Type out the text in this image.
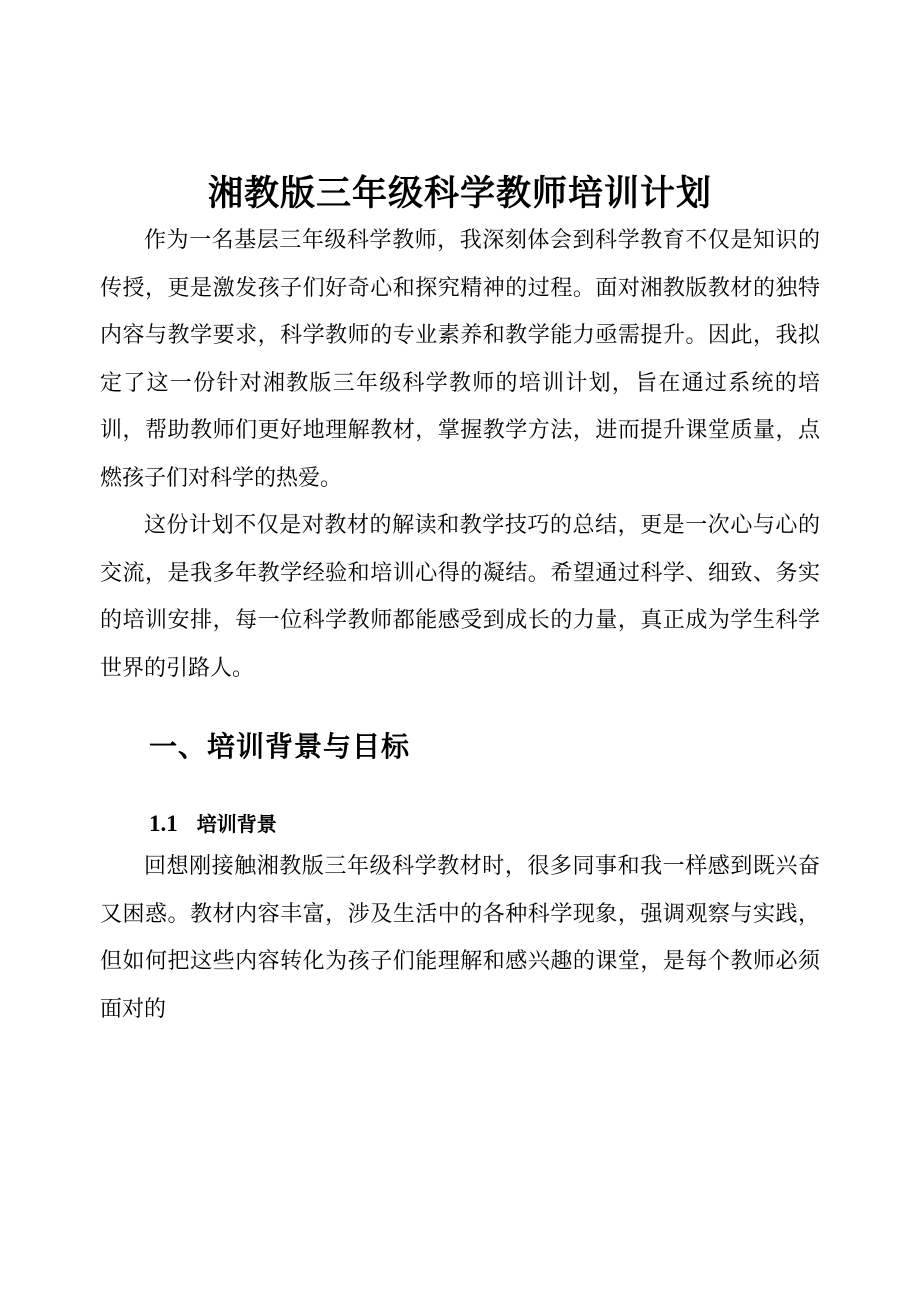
湘教版三年级科学教师培训计划

作为一名基层三年级科学教师，我深刻体会到科学教育不仅是知识的传授，更是激发孩子们好奇心和探究精神的过程。面对湘教版教材的独特内容与教学要求，科学教师的专业素养和教学能力亟需提升。因此，我拟定了这一份针对湘教版三年级科学教师的培训计划，旨在通过系统的培训，帮助教师们更好地理解教材，掌握教学方法，进而提升课堂质量，点燃孩子们对科学的热爱。

这份计划不仅是对教材的解读和教学技巧的总结，更是一次心与心的交流，是我多年教学经验和培训心得的凝结。希望通过科学、细致、务实的培训安排，每一位科学教师都能感受到成长的力量，真正成为学生科学世界的引路人。

一、培训背景与目标
1.1 培训背景

回想刚接触湘教版三年级科学教材时，很多同事和我一样感到既兴奋又困惑。教材内容丰富，涉及生活中的各种科学现象，强调观察与实践，但如何把这些内容转化为孩子们能理解和感兴趣的课堂，是每个教师必须面对的
